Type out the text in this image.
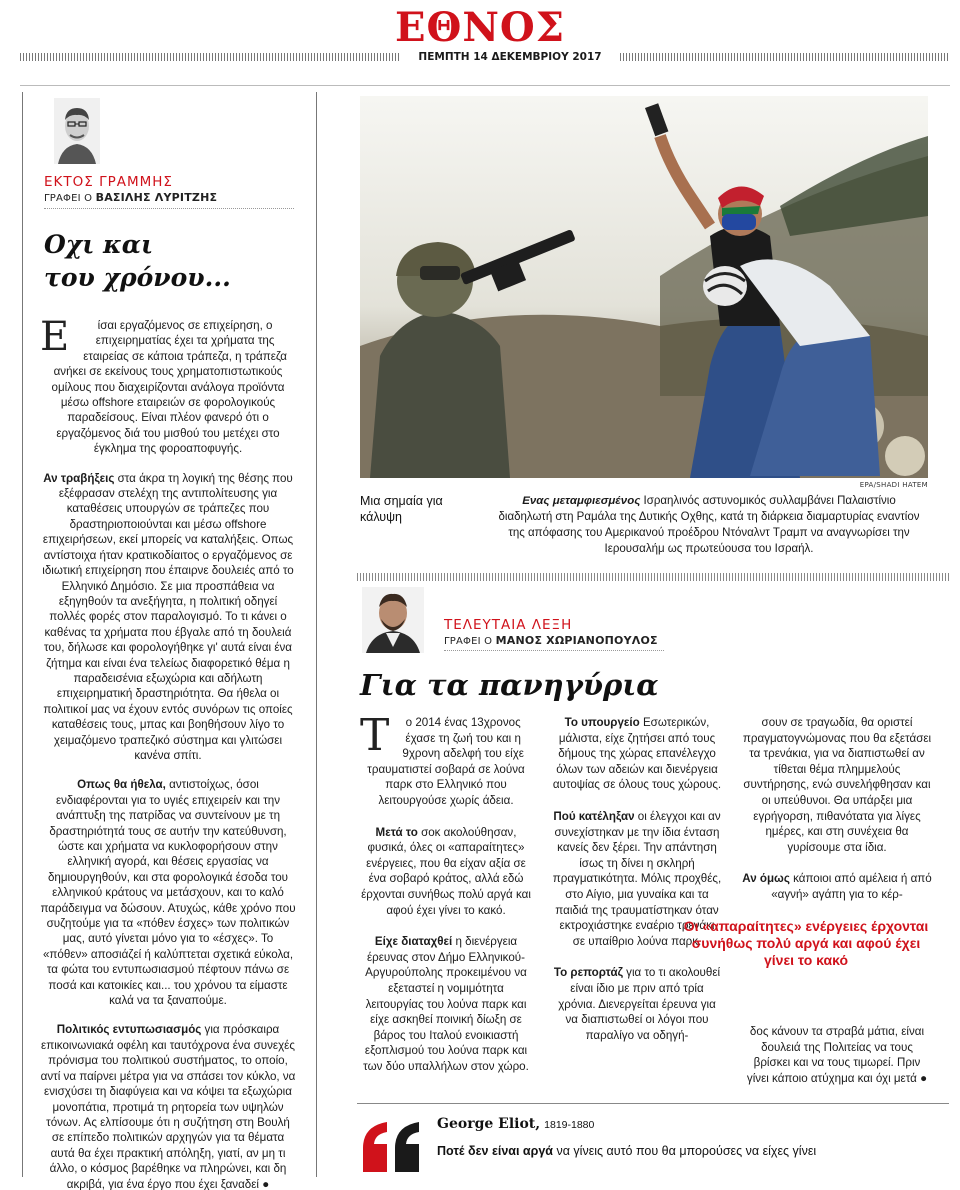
ΕΘΝΟΣ
ΠΕΜΠΤΗ 14 ΔΕΚΕΜΒΡΙΟΥ 2017
ΕΚΤΟΣ ΓΡΑΜΜΗΣ
ΓΡΑΦΕΙ Ο ΒΑΣΙΛΗΣ ΛΥΡΙΤΖΗΣ
Οχι και
του χρόνου...

Ε ίσαι εργαζόμενος σε επιχείρηση, ο επιχειρηματίας έχει τα χρήματα της εταιρείας σε κάποια τράπεζα, η τράπεζα ανήκει σε εκείνους τους χρηματοπιστωτικούς ομίλους που διαχειρίζονται ανάλογα προϊόντα μέσω offshore εταιρειών σε φορολογικούς παραδείσους. Είναι πλέον φανερό ότι ο εργαζόμενος διά του μισθού του μετέχει στο έγκλημα της φοροαποφυγής.

Αν τραβήξεις στα άκρα τη λογική της θέσης που εξέφρασαν στελέχη της αντιπολίτευσης για καταθέσεις υπουργών σε τράπεζες που δραστηριοποιούνται και μέσω offshore επιχειρήσεων, εκεί μπορείς να καταλήξεις. Οπως αντίστοιχα ήταν κρατικοδίαιτος ο εργαζόμενος σε ιδιωτική επιχείρηση που έπαιρνε δουλειές από το Ελληνικό Δημόσιο. Σε μια προσπάθεια να εξηγηθούν τα ανεξήγητα, η πολιτική οδηγεί πολλές φορές στον παραλογισμό. Το τι κάνει ο καθένας τα χρήματα που έβγαλε από τη δουλειά του, δήλωσε και φορολογήθηκε γι' αυτά είναι ένα ζήτημα και είναι ένα τελείως διαφορετικό θέμα η παραδεισένια εξωχώρια και αδήλωτη επιχειρηματική δραστηριότητα. Θα ήθελα οι πολιτικοί μας να έχουν εντός συνόρων τις οποίες καταθέσεις τους, μπας και βοηθήσουν λίγο το χειμαζόμενο τραπεζικό σύστημα και γλιτώσει κανένα σπίτι.

Οπως θα ήθελα, αντιστοίχως, όσοι ενδιαφέρονται για το υγιές επιχειρείν και την ανάπτυξη της πατρίδας να συντείνουν με τη δραστηριότητά τους σε αυτήν την κατεύθυνση, ώστε και χρήματα να κυκλοφορήσουν στην ελληνική αγορά, και θέσεις εργασίας να δημιουργηθούν, και στα φορολογικά έσοδα του ελληνικού κράτους να μετάσχουν, και το καλό παράδειγμα να δώσουν. Ατυχώς, κάθε χρόνο που συζητούμε για τα «πόθεν έσχες» των πολιτικών μας, αυτό γίνεται μόνο για το «έσχες». Το «πόθεν» αποσιάζεί ή καλύπτεται σχετικά εύκολα, τα φώτα του εντυπωσιασμού πέφτουν πάνω σε ποσά και κατοικίες και... του χρόνου τα είμαστε καλά να τα ξαναπούμε.

Πολιτικός εντυπωσιασμός για πρόσκαιρα επικοινωνιακά οφέλη και ταυτόχρονα ένα συνεχές πρόνισμα του πολιτικού συστήματος, το οποίο, αντί να παίρνει μέτρα για να σπάσει τον κύκλο, να ενισχύσει τη διαφύγεια και να κόψει τα εξωχώρια μονοπάτια, προτιμά τη ρητορεία των υψηλών τόνων. Ας ελπίσουμε ότι η συζήτηση στη Βουλή σε επίπεδο πολιτικών αρχηγών για τα θέματα αυτά θα έχει πρακτική απόληξη, γιατί, αν μη τι άλλο, ο κόσμος βαρέθηκε να πληρώνει, και δη ακριβά, για ένα έργο που έχει ξαναδεί ●

EPA/SHADI HATEM
Μια σημαία για κάλυψη
Ενας μεταμφιεσμένος Ισραηλινός αστυνομικός συλλαμβάνει Παλαιστίνιο διαδηλωτή στη Ραμάλα της Δυτικής Οχθης, κατά τη διάρκεια διαμαρτυρίας εναντίον της απόφασης του Αμερικανού προέδρου Ντόναλντ Τραμπ να αναγνωρίσει την Ιερουσαλήμ ως πρωτεύουσα του Ισραήλ.
ΤΕΛΕΥΤΑΙΑ ΛΕΞΗ
ΓΡΑΦΕΙ Ο ΜΑΝΟΣ ΧΩΡΙΑΝΟΠΟΥΛΟΣ
Για τα πανηγύρια

Τ ο 2014 ένας 13χρονος έχασε τη ζωή του και η 9χρονη αδελφή του είχε τραυματιστεί σοβαρά σε λούνα παρκ στο Ελληνικό που λειτουργούσε χωρίς άδεια.

Μετά το σοκ ακολούθησαν, φυσικά, όλες οι «απαραίτητες» ενέργειες, που θα είχαν αξία σε ένα σοβαρό κράτος, αλλά εδώ έρχονται συνήθως πολύ αργά και αφού έχει γίνει το κακό.

Είχε διαταχθεί η διενέργεια έρευνας στον Δήμο Ελληνικού-Αργυρούπολης προκειμένου να εξεταστεί η νομιμότητα λειτουργίας του λούνα παρκ και είχε ασκηθεί ποινική δίωξη σε βάρος του Ιταλού ενοικιαστή εξοπλισμού του λούνα παρκ και των δύο υπαλλήλων στον χώρο.

Το υπουργείο Εσωτερικών, μάλιστα, είχε ζητήσει από τους δήμους της χώρας επανέλεγχο όλων των αδειών και διενέργεια αυτοψίας σε όλους τους χώρους.

Πού κατέληξαν οι έλεγχοι και αν συνεχίστηκαν με την ίδια ένταση κανείς δεν ξέρει. Την απάντηση ίσως τη δίνει η σκληρή πραγματικότητα. Μόλις προχθές, στο Αίγιο, μια γυναίκα και τα παιδιά της τραυματίστηκαν όταν εκτροχιάστηκε εναέριο τρενάκι σε υπαίθριο λούνα παρκ.

Το ρεπορτάζ για το τι ακολουθεί είναι ίδιο με πριν από τρία χρόνια. Διενεργείται έρευνα για να διαπιστωθεί οι λόγοι που παραλίγο να οδηγή-

σουν σε τραγωδία, θα οριστεί πραγματογνώμονας που θα εξετάσει τα τρενάκια, για να διαπιστωθεί αν τίθεται θέμα πλημμελούς συντήρησης, ενώ συνελήφθησαν και οι υπεύθυνοι. Θα υπάρξει μια εγρήγορση, πιθανότατα για λίγες ημέρες, και στη συνέχεια θα γυρίσουμε στα ίδια.

Αν όμως κάποιοι από αμέλεια ή από «αγνή» αγάπη για το κέρ-

Οι «απαραίτητες» ενέργειες έρχονται συνήθως πολύ αργά και αφού έχει γίνει το κακό

δος κάνουν τα στραβά μάτια, είναι δουλειά της Πολιτείας να τους βρίσκει και να τους τιμωρεί. Πριν γίνει κάποιο ατύχημα και όχι μετά ●

George Eliot, 1819-1880
Ποτέ δεν είναι αργά να γίνεις αυτό που θα μπορούσες να είχες γίνει
